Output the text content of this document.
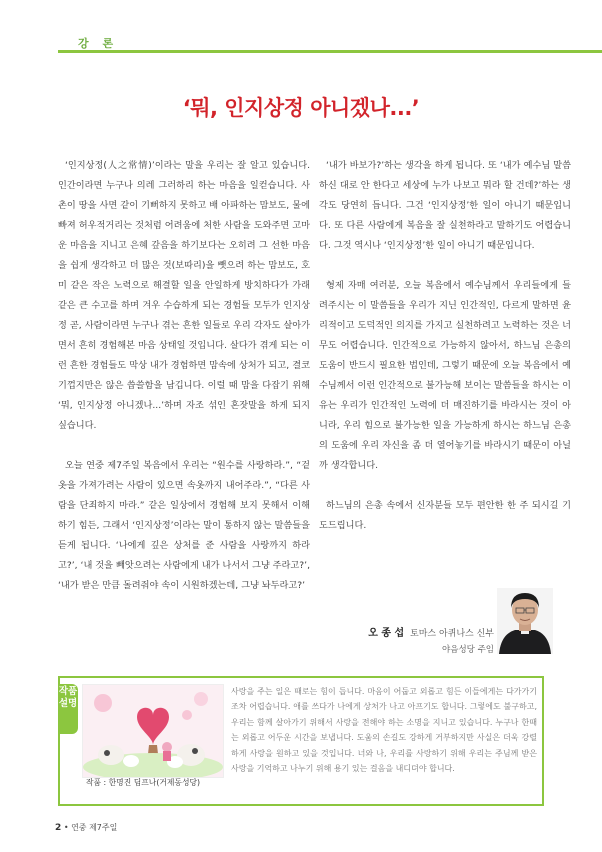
강 론
‘뭐, 인지상정 아니겠나...’

‘인지상정(人之常情)’이라는 말을 우리는 잘 알고 있습니다. 인간이라면 누구나 의레 그러하리 하는 마음을 일컫습니다. 사촌이 땅을 사면 같이 기뻐하지 못하고 배 아파하는 맘보도, 물에 빠져 허우적거리는 것처럼 어려움에 처한 사람을 도와주면 고마운 마음을 지니고 은혜 갚음을 하기보다는 오히려 그 선한 마음을 쉽게 생각하고 더 많은 것(보따리)을 뺏으려 하는 맘보도, 호미 같은 작은 노력으로 해결할 일을 안일하게 방치하다가 가래 같은 큰 수고를 하며 겨우 수습하게 되는 경험들 모두가 인지상정 곧, 사람이라면 누구나 겪는 흔한 일들로 우리 각자도 살아가면서 흔히 경험해본 마음 상태일 것입니다. 살다가 겪게 되는 이런 흔한 경험들도 막상 내가 경험하면 맘속에 상처가 되고, 결코 기껍지만은 않은 씁쓸함을 남깁니다. 이럴 때 맘을 다잡기 위해 ‘뭐, 인지상정 아니겠나...’하며 자조 섞인 혼잣말을 하게 되지 싶습니다.

오늘 연중 제7주일 복음에서 우리는 “원수를 사랑하라.”, “겉옷을 가져가려는 사람이 있으면 속옷까지 내어주라.”, “다른 사람을 단죄하지 마라.” 같은 일상에서 경험해 보지 못해서 이해하기 힘든, 그래서 ‘인지상정’이라는 말이 통하지 않는 말씀들을 듣게 됩니다. ‘나에게 깊은 상처를 준 사람을 사랑까지 하라고?’, ‘내 것을 빼앗으려는 사람에게 내가 나서서 그냥 주라고?’, ‘내가 받은 만큼 돌려줘야 속이 시원하겠는데, 그냥 놔두라고?’

‘내가 바보가?’하는 생각을 하게 됩니다. 또 ‘내가 예수님 말씀하신 대로 안 한다고 세상에 누가 나보고 뭐라 할 건데?’하는 생각도 당연히 듭니다. 그건 ‘인지상정’한 일이 아니기 때문입니다. 또 다른 사람에게 복음을 잘 실천하라고 말하기도 어렵습니다. 그것 역시나 ‘인지상정’한 일이 아니기 때문입니다.

형제 자매 여러분, 오늘 복음에서 예수님께서 우리들에게 들려주시는 이 말씀들을 우리가 지닌 인간적인, 다르게 말하면 윤리적이고 도덕적인 의지를 가지고 실천하려고 노력하는 것은 너무도 어렵습니다. 인간적으로 가능하지 않아서, 하느님 은총의 도움이 반드시 필요한 법인데, 그렇기 때문에 오늘 복음에서 예수님께서 이런 인간적으로 불가능해 보이는 말씀들을 하시는 이유는 우리가 인간적인 노력에 더 매진하기를 바라시는 것이 아니라, 우리 힘으로 불가능한 일을 가능하게 하시는 하느님 은총의 도움에 우리 자신을 좀 더 열어놓기를 바라시기 때문이 아닐까 생각합니다.

하느님의 은총 속에서 신자분들 모두 편안한 한 주 되시길 기도드립니다.

오 종 섭 토마스 아퀴나스 신부
야음성당 주임
작품 설명
작품 : 한명진 딤프나(거제동성당)
사랑을 주는 일은 때로는 힘이 듭니다. 마음이 어둡고 외롭고 힘든 이들에게는 다가가기조차 어렵습니다. 애를 쓰다가 나에게 상처가 나고 아프기도 합니다. 그렇에도 불구하고, 우리는 함께 살아가기 위해서 사랑을 전해야 하는 소명을 지니고 있습니다. 누구나 한때는 외롭고 어두운 시간을 보냅니다. 도움의 손길도 강하게 거부하지만 사실은 더욱 강렬하게 사랑을 원하고 있을 것입니다. 너와 나, 우리를 사랑하기 위해 우리는 주님께 받은 사랑을 기억하고 나누기 위해 용기 있는 걸음을 내디뎌야 합니다.
2 • 연중 제7주일
